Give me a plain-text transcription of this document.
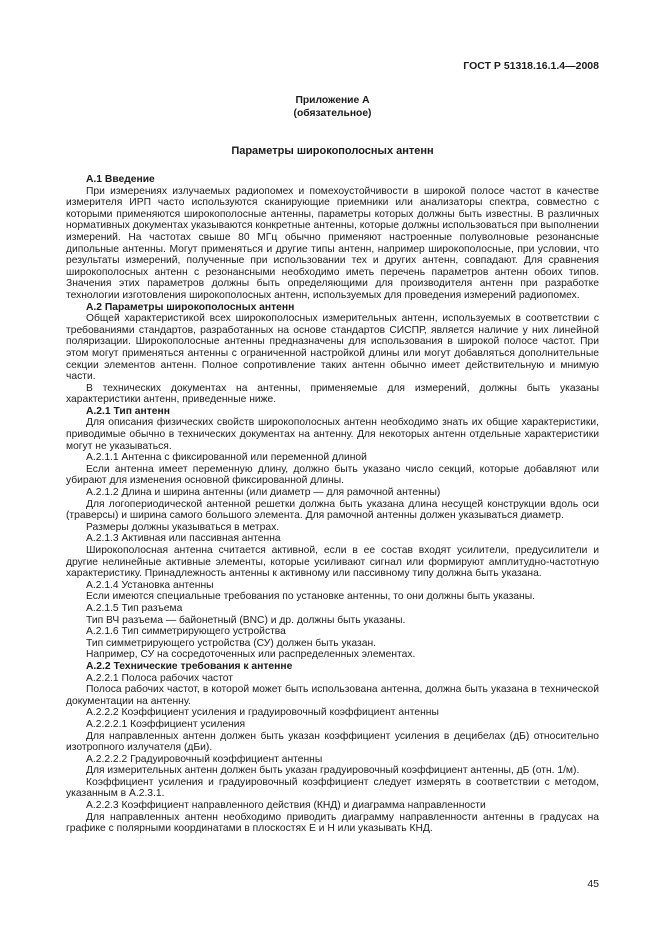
ГОСТ Р 51318.16.1.4—2008
Приложение А
(обязательное)
Параметры широкополосных антенн

А.1 Введение

При измерениях излучаемых радиопомех и помехоустойчивости в широкой полосе частот в качестве измерителя ИРП часто используются сканирующие приемники или анализаторы спектра, совместно с которыми применяются широкополосные антенны, параметры которых должны быть известны. В различных нормативных документах указываются конкретные антенны, которые должны использоваться при выполнении измерений. На частотах свыше 80 МГц обычно применяют настроенные полуволновые резонансные дипольные антенны. Могут применяться и другие типы антенн, например широкополосные, при условии, что результаты измерений, полученные при использовании тех и других антенн, совпадают. Для сравнения широкополосных антенн с резонансными необходимо иметь перечень параметров антенн обоих типов. Значения этих параметров должны быть определяющими для производителя антенн при разработке технологии изготовления широкополосных антенн, используемых для проведения измерений радиопомех.

А.2 Параметры широкополосных антенн

Общей характеристикой всех широкополосных измерительных антенн, используемых в соответствии с требованиями стандартов, разработанных на основе стандартов СИСПР, является наличие у них линейной поляризации. Широкополосные антенны предназначены для использования в широкой полосе частот. При этом могут применяться антенны с ограниченной настройкой длины или могут добавляться дополнительные секции элементов антенн. Полное сопротивление таких антенн обычно имеет действительную и мнимую части.

В технических документах на антенны, применяемые для измерений, должны быть указаны характеристики антенн, приведенные ниже.

А.2.1 Тип антенн

Для описания физических свойств широкополосных антенн необходимо знать их общие характеристики, приводимые обычно в технических документах на антенну. Для некоторых антенн отдельные характеристики могут не указываться.

А.2.1.1 Антенна с фиксированной или переменной длиной

Если антенна имеет переменную длину, должно быть указано число секций, которые добавляют или убирают для изменения основной фиксированной длины.

А.2.1.2 Длина и ширина антенны (или диаметр — для рамочной антенны)

Для логопериодической антенной решетки должна быть указана длина несущей конструкции вдоль оси (траверсы) и ширина самого большого элемента. Для рамочной антенны должен указываться диаметр.

Размеры должны указываться в метрах.

А.2.1.3 Активная или пассивная антенна

Широкополосная антенна считается активной, если в ее состав входят усилители, предусилители и другие нелинейные активные элементы, которые усиливают сигнал или формируют амплитудно-частотную характеристику. Принадлежность антенны к активному или пассивному типу должна быть указана.

А.2.1.4 Установка антенны

Если имеются специальные требования по установке антенны, то они должны быть указаны.

А.2.1.5 Тип разъема

Тип ВЧ разъема — байонетный (BNC) и др. должны быть указаны.

А.2.1.6 Тип симметрирующего устройства

Тип симметрирующего устройства (СУ) должен быть указан.

Например, СУ на сосредоточенных или распределенных элементах.

А.2.2 Технические требования к антенне

А.2.2.1 Полоса рабочих частот

Полоса рабочих частот, в которой может быть использована антенна, должна быть указана в технической документации на антенну.

А.2.2.2 Коэффициент усиления и градуировочный коэффициент антенны

А.2.2.2.1 Коэффициент усиления

Для направленных антенн должен быть указан коэффициент усиления в децибелах (дБ) относительно изотропного излучателя (дБи).

А.2.2.2.2 Градуировочный коэффициент антенны

Для измерительных антенн должен быть указан градуировочный коэффициент антенны, дБ (отн. 1/м).

Коэффициент усиления и градуировочный коэффициент следует измерять в соответствии с методом, указанным в А.2.3.1.

А.2.2.3 Коэффициент направленного действия (КНД) и диаграмма направленности

Для направленных антенн необходимо приводить диаграмму направленности антенны в градусах на графике с полярными координатами в плоскостях Е и Н или указывать КНД.

45
